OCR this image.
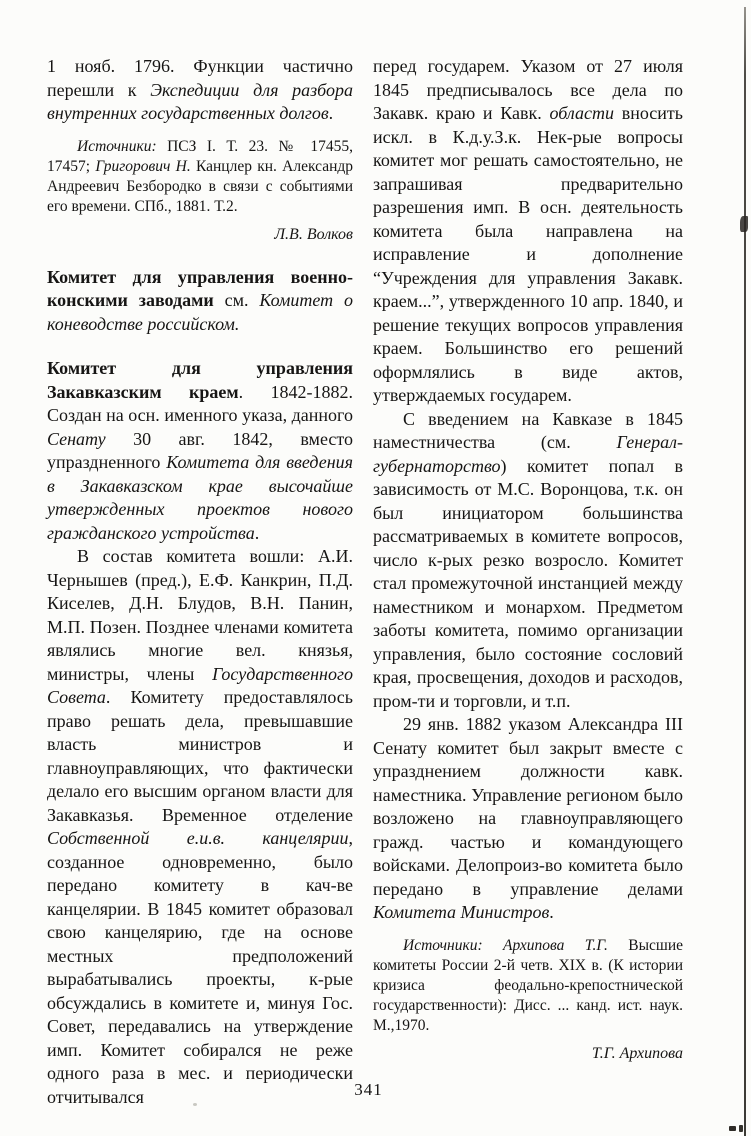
1 нояб. 1796. Функции частично перешли к Экспедиции для разбора внутренних государственных долгов.
Источники: ПСЗ I. Т. 23. № 17455, 17457; Григорович Н. Канцлер кн. Александр Андреевич Безбородко в связи с событиями его времени. СПб., 1881. Т.2.
Л.В. Волков
Комитет для управления военно-конскими заводами см. Комитет о коневодстве российском.
Комитет для управления Закавказским краем. 1842-1882. Создан на осн. именного указа, данного Сенату 30 авг. 1842, вместо упраздненного Комитета для введения в Закавказском крае высочайше утвержденных проектов нового гражданского устройства.
В состав комитета вошли: А.И. Чернышев (пред.), Е.Ф. Канкрин, П.Д. Киселев, Д.Н. Блудов, В.Н. Панин, М.П. Позен. Позднее членами комитета являлись многие вел. князья, министры, члены Государственного Совета. Комитету предоставлялось право решать дела, превышавшие власть министров и главноуправляющих, что фактически делало его высшим органом власти для Закавказья. Временное отделение Собственной е.и.в. канцелярии, созданное одновременно, было передано комитету в кач-ве канцелярии. В 1845 комитет образовал свою канцелярию, где на основе местных предположений вырабатывались проекты, к-рые обсуждались в комитете и, минуя Гос. Совет, передавались на утверждение имп. Комитет собирался не реже одного раза в мес. и периодически отчитывался
перед государем. Указом от 27 июля 1845 предписывалось все дела по Закавк. краю и Кавк. области вносить искл. в К.д.у.З.к. Нек-рые вопросы комитет мог решать самостоятельно, не запрашивая предварительно разрешения имп. В осн. деятельность комитета была направлена на исправление и дополнение “Учреждения для управления Закавк. краем...”, утвержденного 10 апр. 1840, и решение текущих вопросов управления краем. Большинство его решений оформлялись в виде актов, утверждаемых государем.
С введением на Кавказе в 1845 наместничества (см. Генерал-губернаторство) комитет попал в зависимость от М.С. Воронцова, т.к. он был инициатором большинства рассматриваемых в комитете вопросов, число к-рых резко возросло. Комитет стал промежуточной инстанцией между наместником и монархом. Предметом заботы комитета, помимо организации управления, было состояние сословий края, просвещения, доходов и расходов, пром-ти и торговли, и т.п.
29 янв. 1882 указом Александра III Сенату комитет был закрыт вместе с упразднением должности кавк. наместника. Управление регионом было возложено на главноуправляющего гражд. частью и командующего войсками. Делопроиз-во комитета было передано в управление делами Комитета Министров.
Источники: Архипова Т.Г. Высшие комитеты России 2-й четв. XIX в. (К истории кризиса феодально-крепостнической государственности): Дисс. ... канд. ист. наук. М.,1970.
Т.Г. Архипова
341
